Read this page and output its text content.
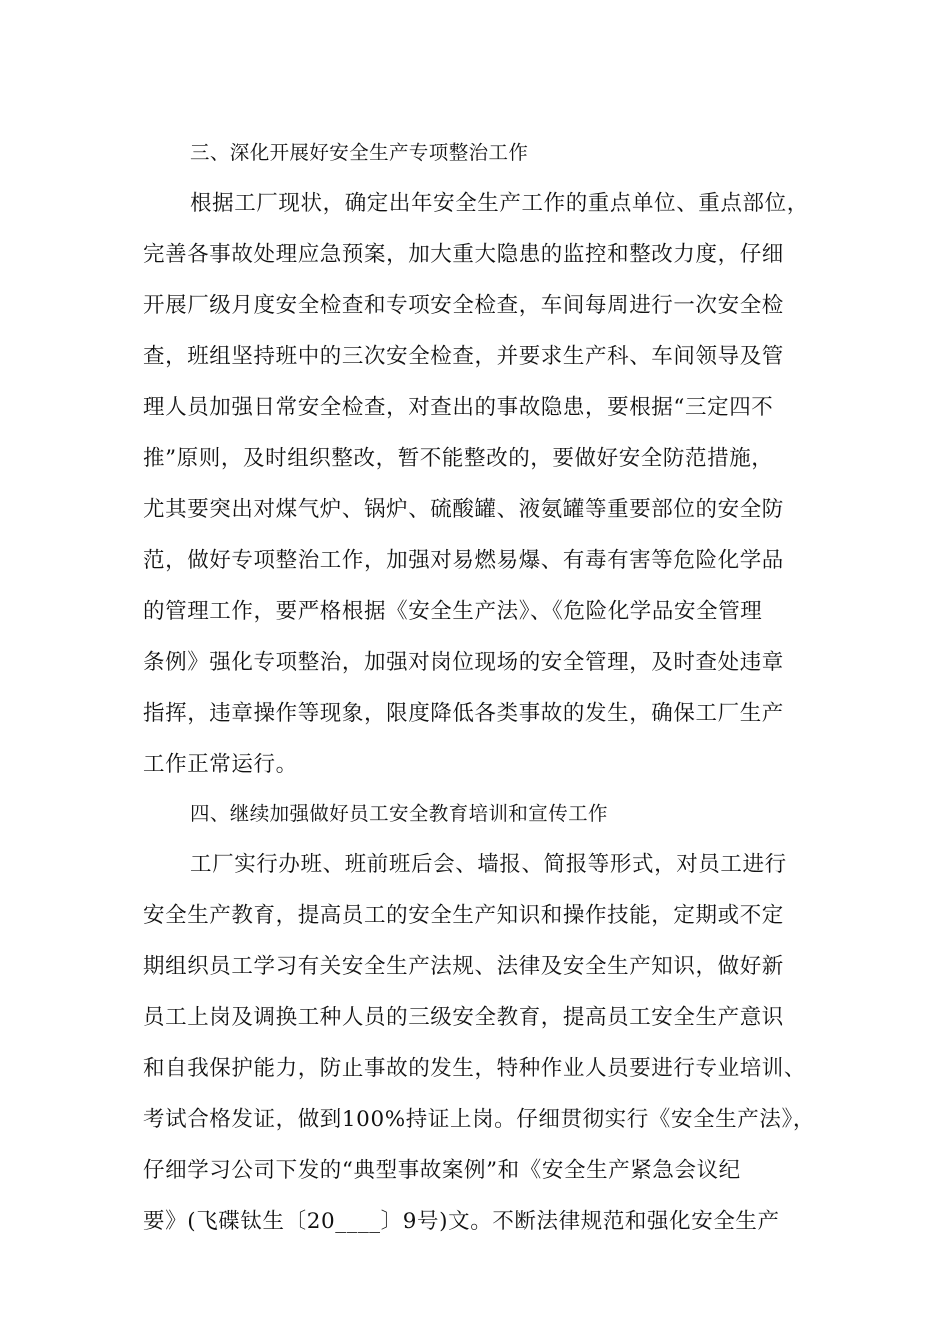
三、深化开展好安全生产专项整治工作
根据工厂现状，确定出年安全生产工作的重点单位、重点部位，
完善各事故处理应急预案，加大重大隐患的监控和整改力度，仔细
开展厂级月度安全检查和专项安全检查，车间每周进行一次安全检
查，班组坚持班中的三次安全检查，并要求生产科、车间领导及管
理人员加强日常安全检查，对查出的事故隐患，要根据“三定四不
推”原则，及时组织整改，暂不能整改的，要做好安全防范措施，
尤其要突出对煤气炉、锅炉、硫酸罐、液氨罐等重要部位的安全防
范，做好专项整治工作，加强对易燃易爆、有毒有害等危险化学品
的管理工作，要严格根据《安全生产法》、《危险化学品安全管理
条例》强化专项整治，加强对岗位现场的安全管理，及时查处违章
指挥，违章操作等现象，限度降低各类事故的发生，确保工厂生产
工作正常运行。
四、继续加强做好员工安全教育培训和宣传工作
工厂实行办班、班前班后会、墙报、简报等形式，对员工进行
安全生产教育，提高员工的安全生产知识和操作技能，定期或不定
期组织员工学习有关安全生产法规、法律及安全生产知识，做好新
员工上岗及调换工种人员的三级安全教育，提高员工安全生产意识
和自我保护能力，防止事故的发生，特种作业人员要进行专业培训、
考试合格发证，做到100%持证上岗。仔细贯彻实行《安全生产法》，
仔细学习公司下发的“典型事故案例”和《安全生产紧急会议纪
要》(飞碟钛生〔20____〕9号)文。不断法律规范和强化安全生产
